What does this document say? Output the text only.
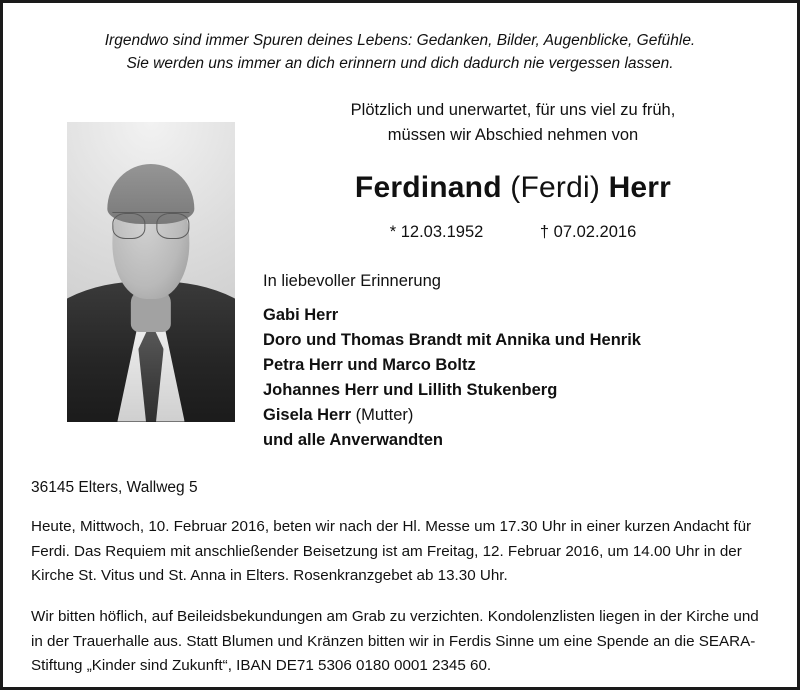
Irgendwo sind immer Spuren deines Lebens: Gedanken, Bilder, Augenblicke, Gefühle.
Sie werden uns immer an dich erinnern und dich dadurch nie vergessen lassen.
Plötzlich und unerwartet, für uns viel zu früh,
müssen wir Abschied nehmen von
Ferdinand (Ferdi) Herr
* 12.03.1952	† 07.02.2016
In liebevoller Erinnerung
Gabi Herr
Doro und Thomas Brandt mit Annika und Henrik
Petra Herr und Marco Boltz
Johannes Herr und Lillith Stukenberg
Gisela Herr (Mutter)
und alle Anverwandten
36145 Elters, Wallweg 5

Heute, Mittwoch, 10. Februar 2016, beten wir nach der Hl. Messe um 17.30 Uhr in einer kurzen Andacht für Ferdi. Das Requiem mit anschließender Beisetzung ist am Freitag, 12. Februar 2016, um 14.00 Uhr in der Kirche St. Vitus und St. Anna in Elters. Rosenkranzgebet ab 13.30 Uhr.

Wir bitten höflich, auf Beileidsbekundungen am Grab zu verzichten. Kondolenzlisten liegen in der Kirche und in der Trauerhalle aus. Statt Blumen und Kränzen bitten wir in Ferdis Sinne um eine Spende an die SEARA-Stiftung „Kinder sind Zukunft“, IBAN DE71 5306 0180 0001 2345 60.
